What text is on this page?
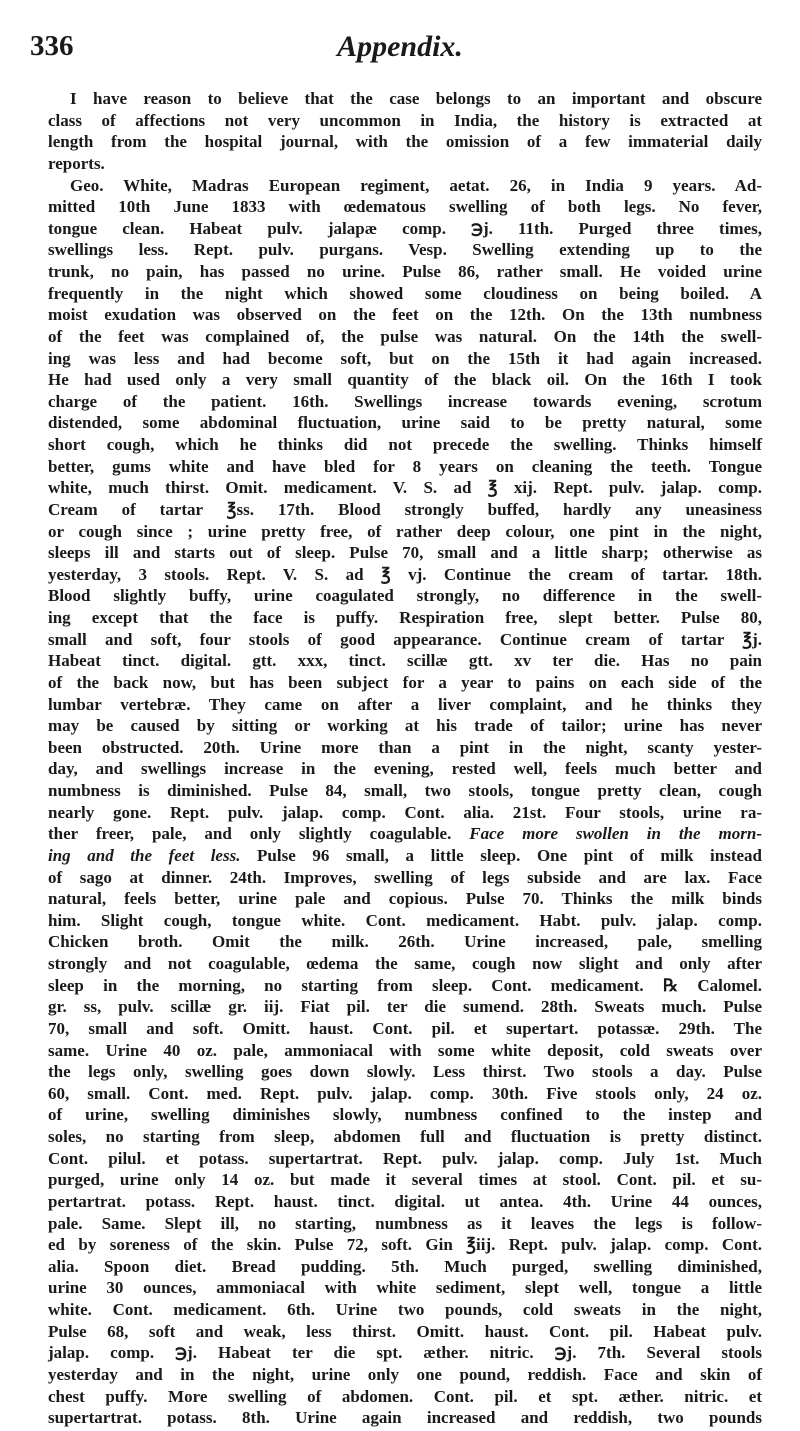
336	Appendix.
I have reason to believe that the case belongs to an important and obscure
class of affections not very uncommon in India, the history is extracted at
length from the hospital journal, with the omission of a few immaterial daily
reports.
Geo. White, Madras European regiment, aetat. 26, in India 9 years. Ad-
mitted 10th June 1833 with œdematous swelling of both legs. No fever,
tongue clean. Habeat pulv. jalapæ comp. ℈j. 11th. Purged three times,
swellings less. Rept. pulv. purgans. Vesp. Swelling extending up to the
trunk, no pain, has passed no urine. Pulse 86, rather small. He voided urine
frequently in the night which showed some cloudiness on being boiled. A
moist exudation was observed on the feet on the 12th. On the 13th numbness
of the feet was complained of, the pulse was natural. On the 14th the swell-
ing was less and had become soft, but on the 15th it had again increased.
He had used only a very small quantity of the black oil. On the 16th I took
charge of the patient. 16th. Swellings increase towards evening, scrotum
distended, some abdominal fluctuation, urine said to be pretty natural, some
short cough, which he thinks did not precede the swelling. Thinks himself
better, gums white and have bled for 8 years on cleaning the teeth. Tongue
white, much thirst. Omit. medicament. V. S. ad ℥ xij. Rept. pulv. jalap. comp.
Cream of tartar ℥ss. 17th. Blood strongly buffed, hardly any uneasiness
or cough since ; urine pretty free, of rather deep colour, one pint in the night,
sleeps ill and starts out of sleep. Pulse 70, small and a little sharp; otherwise as
yesterday, 3 stools. Rept. V. S. ad ℥ vj. Continue the cream of tartar. 18th.
Blood slightly buffy, urine coagulated strongly, no difference in the swell-
ing except that the face is puffy. Respiration free, slept better. Pulse 80,
small and soft, four stools of good appearance. Continue cream of tartar ℥j.
Habeat tinct. digital. gtt. xxx, tinct. scillæ gtt. xv ter die. Has no pain
of the back now, but has been subject for a year to pains on each side of the
lumbar vertebræ. They came on after a liver complaint, and he thinks they
may be caused by sitting or working at his trade of tailor; urine has never
been obstructed. 20th. Urine more than a pint in the night, scanty yester-
day, and swellings increase in the evening, rested well, feels much better and
numbness is diminished. Pulse 84, small, two stools, tongue pretty clean, cough
nearly gone. Rept. pulv. jalap. comp. Cont. alia. 21st. Four stools, urine ra-
ther freer, pale, and only slightly coagulable. Face more swollen in the morn-
ing and the feet less. Pulse 96 small, a little sleep. One pint of milk instead
of sago at dinner. 24th. Improves, swelling of legs subside and are lax. Face
natural, feels better, urine pale and copious. Pulse 70. Thinks the milk binds
him. Slight cough, tongue white. Cont. medicament. Habt. pulv. jalap. comp.
Chicken broth. Omit the milk. 26th. Urine increased, pale, smelling
strongly and not coagulable, œdema the same, cough now slight and only after
sleep in the morning, no starting from sleep. Cont. medicament. ℞ Calomel.
gr. ss, pulv. scillæ gr. iij. Fiat pil. ter die sumend. 28th. Sweats much. Pulse
70, small and soft. Omitt. haust. Cont. pil. et supertart. potassæ. 29th. The
same. Urine 40 oz. pale, ammoniacal with some white deposit, cold sweats over
the legs only, swelling goes down slowly. Less thirst. Two stools a day. Pulse
60, small. Cont. med. Rept. pulv. jalap. comp. 30th. Five stools only, 24 oz.
of urine, swelling diminishes slowly, numbness confined to the instep and
soles, no starting from sleep, abdomen full and fluctuation is pretty distinct.
Cont. pilul. et potass. supertartrat. Rept. pulv. jalap. comp. July 1st. Much
purged, urine only 14 oz. but made it several times at stool. Cont. pil. et su-
pertartrat. potass. Rept. haust. tinct. digital. ut antea. 4th. Urine 44 ounces,
pale. Same. Slept ill, no starting, numbness as it leaves the legs is follow-
ed by soreness of the skin. Pulse 72, soft. Gin ℥iij. Rept. pulv. jalap. comp. Cont.
alia. Spoon diet. Bread pudding. 5th. Much purged, swelling diminished,
urine 30 ounces, ammoniacal with white sediment, slept well, tongue a little
white. Cont. medicament. 6th. Urine two pounds, cold sweats in the night,
Pulse 68, soft and weak, less thirst. Omitt. haust. Cont. pil. Habeat pulv.
jalap. comp. ℈j. Habeat ter die spt. æther. nitric. ℈j. 7th. Several stools
yesterday and in the night, urine only one pound, reddish. Face and skin of
chest puffy. More swelling of abdomen. Cont. pil. et spt. æther. nitric. et
supertartrat. potass. 8th. Urine again increased and reddish, two pounds
